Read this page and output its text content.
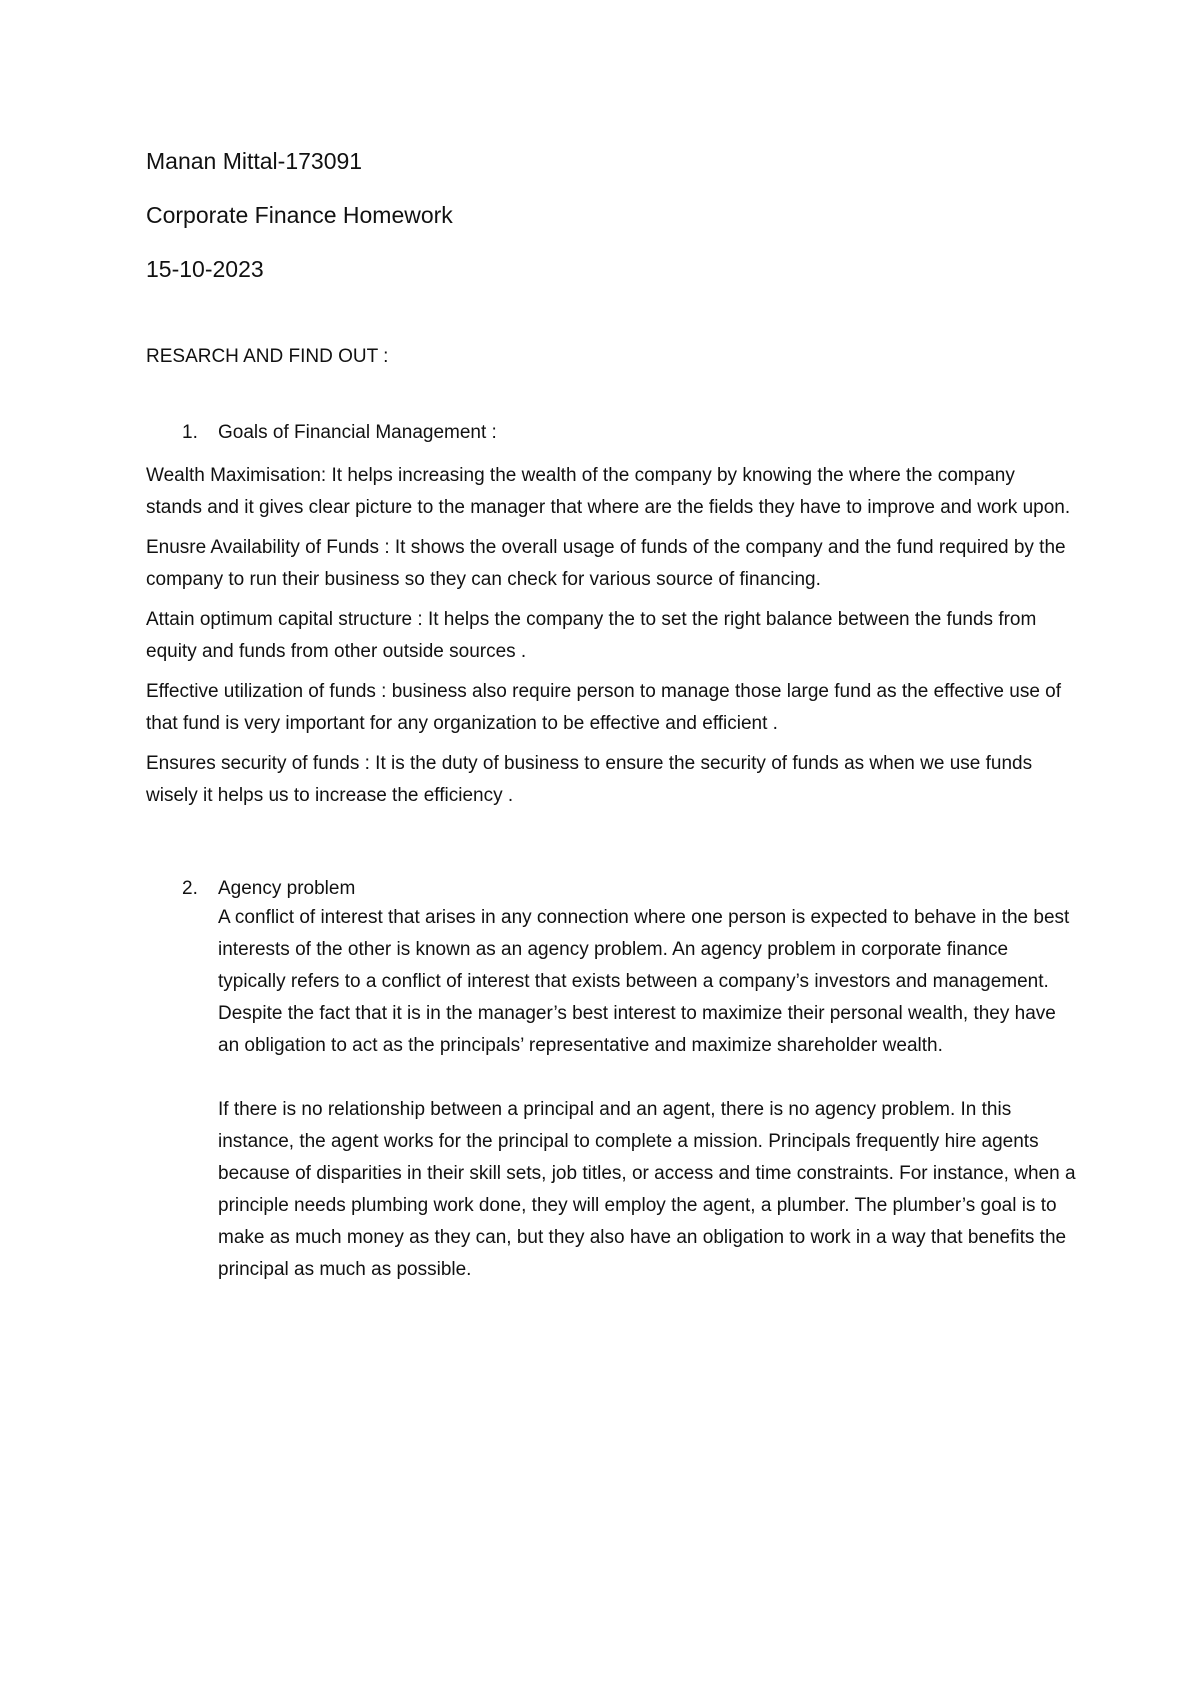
Manan Mittal-173091
Corporate Finance Homework
15-10-2023
RESARCH AND FIND OUT :
1.	Goals of Financial Management :

Wealth Maximisation: It helps increasing the wealth of the company by knowing the where the company stands and it gives clear picture to the manager that where are the fields they have to improve and work upon.

Enusre Availability of Funds : It shows the overall usage of funds of the company and the fund required by the company to run their business so they can check for various source of financing.

Attain optimum capital structure : It helps the company the to set the right balance between the funds from equity and funds from other outside sources .

Effective utilization of funds : business also require person to manage those large fund as the effective use of that fund is very important for any organization to be effective and efficient .

Ensures security of funds : It is the duty of business to ensure the security of funds as when we use funds wisely it helps us to increase the efficiency .

2.	Agency problem

A conflict of interest that arises in any connection where one person is expected to behave in the best interests of the other is known as an agency problem. An agency problem in corporate finance typically refers to a conflict of interest that exists between a company’s investors and management. Despite the fact that it is in the manager’s best interest to maximize their personal wealth, they have an obligation to act as the principals’ representative and maximize shareholder wealth.

If there is no relationship between a principal and an agent, there is no agency problem. In this instance, the agent works for the principal to complete a mission. Principals frequently hire agents because of disparities in their skill sets, job titles, or access and time constraints. For instance, when a principle needs plumbing work done, they will employ the agent, a plumber. The plumber’s goal is to make as much money as they can, but they also have an obligation to work in a way that benefits the principal as much as possible.
